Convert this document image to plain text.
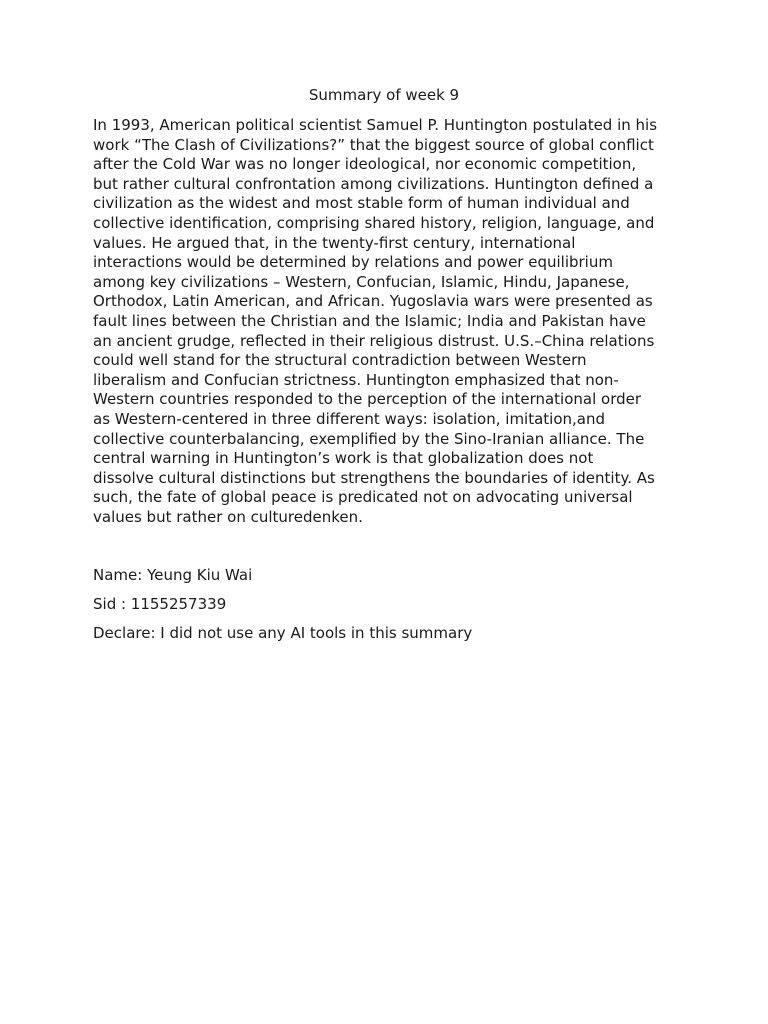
Summary of week 9

In 1993, American political scientist Samuel P. Huntington postulated in his
work “The Clash of Civilizations?” that the biggest source of global conflict
after the Cold War was no longer ideological, nor economic competition,
but rather cultural confrontation among civilizations. Huntington defined a
civilization as the widest and most stable form of human individual and
collective identification, comprising shared history, religion, language, and
values. He argued that, in the twenty-first century, international
interactions would be determined by relations and power equilibrium
among key civilizations – Western, Confucian, Islamic, Hindu, Japanese,
Orthodox, Latin American, and African. Yugoslavia wars were presented as
fault lines between the Christian and the Islamic; India and Pakistan have
an ancient grudge, reflected in their religious distrust. U.S.–China relations
could well stand for the structural contradiction between Western
liberalism and Confucian strictness. Huntington emphasized that non-
Western countries responded to the perception of the international order
as Western-centered in three different ways: isolation, imitation,and
collective counterbalancing, exemplified by the Sino-Iranian alliance. The
central warning in Huntington’s work is that globalization does not
dissolve cultural distinctions but strengthens the boundaries of identity. As
such, the fate of global peace is predicated not on advocating universal
values but rather on culturedenken.

Name: Yeung Kiu Wai

Sid : 1155257339

Declare: I did not use any AI tools in this summary
